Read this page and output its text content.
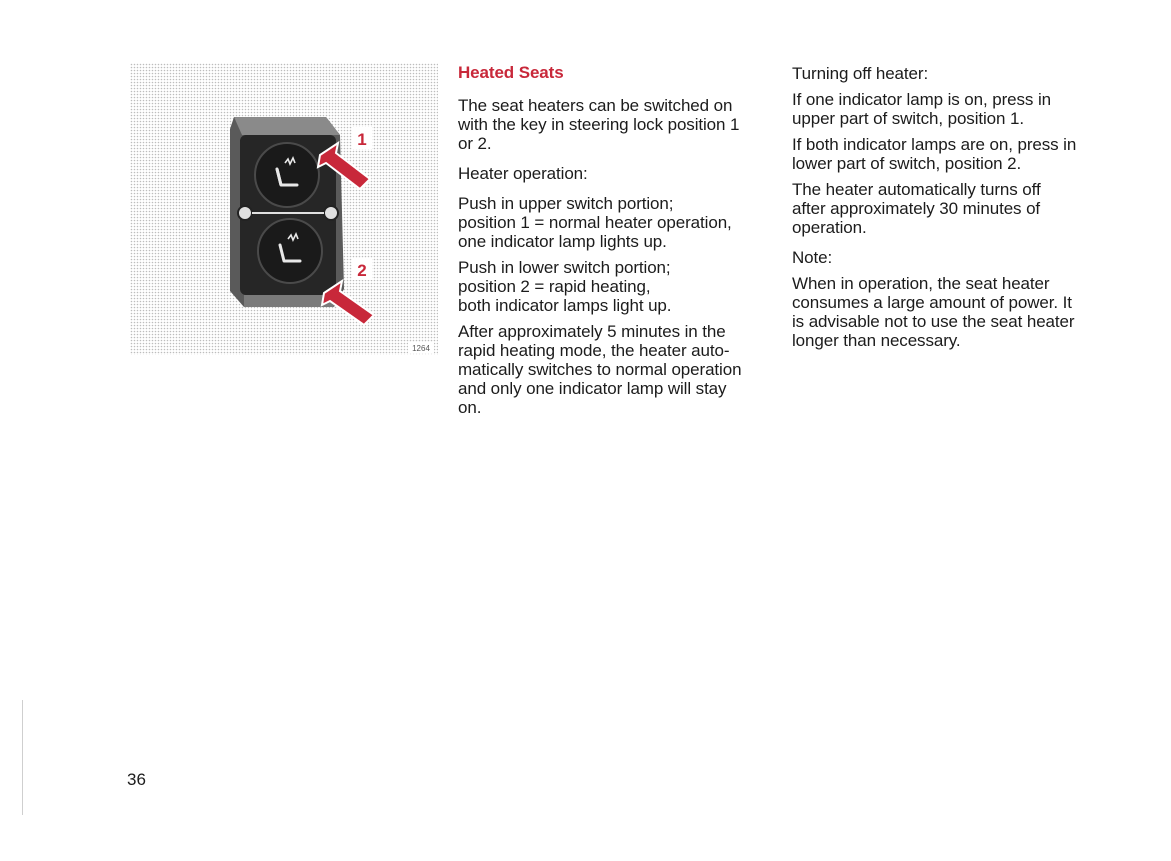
1
2
1264
Heated Seats
The seat heaters can be switched on
with the key in steering lock position 1
or 2.
Heater operation:
Push in upper switch portion;
position 1 = normal heater operation,
one indicator lamp lights up.
Push in lower switch portion;
position 2 = rapid heating,
both indicator lamps light up.
After approximately 5 minutes in the
rapid heating mode, the heater auto-
matically switches to normal operation
and only one indicator lamp will stay
on.
Turning off heater:
If one indicator lamp is on, press in
upper part of switch, position 1.
If both indicator lamps are on, press in
lower part of switch, position 2.
The heater automatically turns off
after approximately 30 minutes of
operation.
Note:
When in operation, the seat heater
consumes a large amount of power. It
is advisable not to use the seat heater
longer than necessary.
36
